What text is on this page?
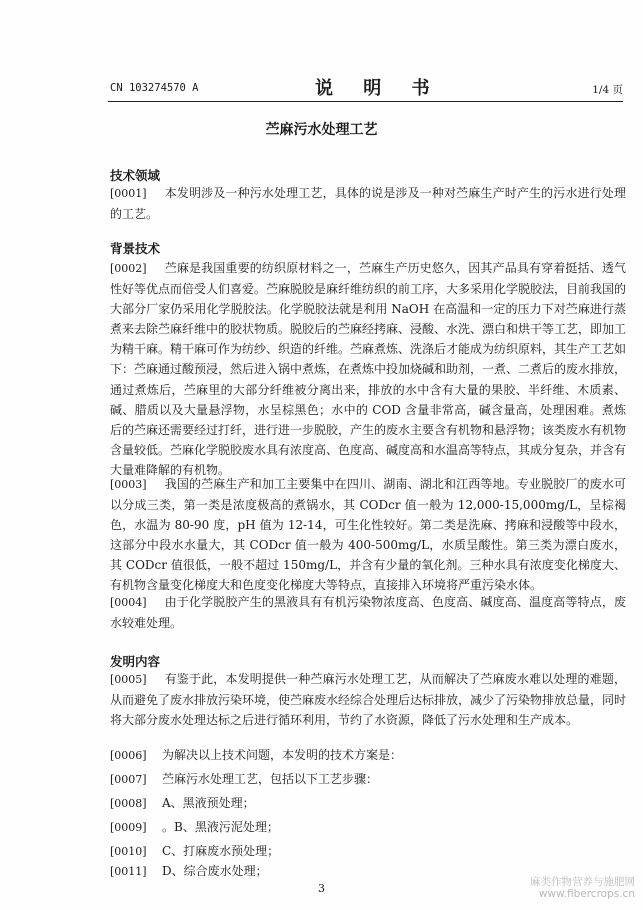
CN 103274570 A	说 明 书	1/4 页
苎麻污水处理工艺
技术领域
[0001] 本发明涉及一种污水处理工艺，具体的说是涉及一种对苎麻生产时产生的污水进行处理的工艺。
背景技术
[0002] 苎麻是我国重要的纺织原材料之一，苎麻生产历史悠久，因其产品具有穿着挺括、透气性好等优点而倍受人们喜爱。苎麻脱胶是麻纤维纺织的前工序，大多采用化学脱胶法，目前我国的大部分厂家仍采用化学脱胶法。化学脱胶法就是利用 NaOH 在高温和一定的压力下对苎麻进行蒸煮来去除苎麻纤维中的胶状物质。脱胶后的苎麻经拷麻、浸酸、水洗、漂白和烘干等工艺，即加工为精干麻。精干麻可作为纺纱、织造的纤维。苎麻煮炼、洗涤后才能成为纺织原料，其生产工艺如下：苎麻通过酸预浸，然后进入锅中煮炼，在煮炼中投加烧碱和助剂，一煮、二煮后的废水排放，通过煮炼后，苎麻里的大部分纤维被分离出来，排放的水中含有大量的果胶、半纤维、木质素、碱、腊质以及大量悬浮物，水呈棕黑色；水中的 COD 含量非常高，碱含量高，处理困难。煮炼后的苎麻还需要经过打纤，进行进一步脱胶，产生的废水主要含有机物和悬浮物；该类废水有机物含量较低。苎麻化学脱胶废水具有浓度高、色度高、碱度高和水温高等特点，其成分复杂，并含有大量难降解的有机物。
[0003] 我国的苎麻生产和加工主要集中在四川、湖南、湖北和江西等地。专业脱胶厂的废水可以分成三类，第一类是浓度极高的煮锅水，其 CODcr 值一般为 12,000-15,000mg/L，呈棕褐色，水温为 80-90 度，pH 值为 12-14，可生化性较好。第二类是洗麻、拷麻和浸酸等中段水，这部分中段水水量大，其 CODcr 值一般为 400-500mg/L，水质呈酸性。第三类为漂白废水，其 CODcr 值很低，一般不超过 150mg/L，并含有少量的氧化剂。三种水具有浓度变化梯度大、有机物含量变化梯度大和色度变化梯度大等特点，直接排入环境将严重污染水体。
[0004] 由于化学脱胶产生的黑液具有有机污染物浓度高、色度高、碱度高、温度高等特点，废水较难处理。
发明内容
[0005] 有鉴于此，本发明提供一种苎麻污水处理工艺，从而解决了苎麻废水难以处理的难题，从而避免了废水排放污染环境，使苎麻废水经综合处理后达标排放，减少了污染物排放总量，同时将大部分废水处理达标之后进行循环利用，节约了水资源，降低了污水处理和生产成本。
[0006] 为解决以上技术问题，本发明的技术方案是：
[0007] 苎麻污水处理工艺，包括以下工艺步骤：
[0008] A、黑液预处理；
[0009] 。B、黑液污泥处理；
[0010] C、打麻废水预处理；
[0011] D、综合废水处理；
3	麻类作物营养与施肥网
www.fibercrops.cn
